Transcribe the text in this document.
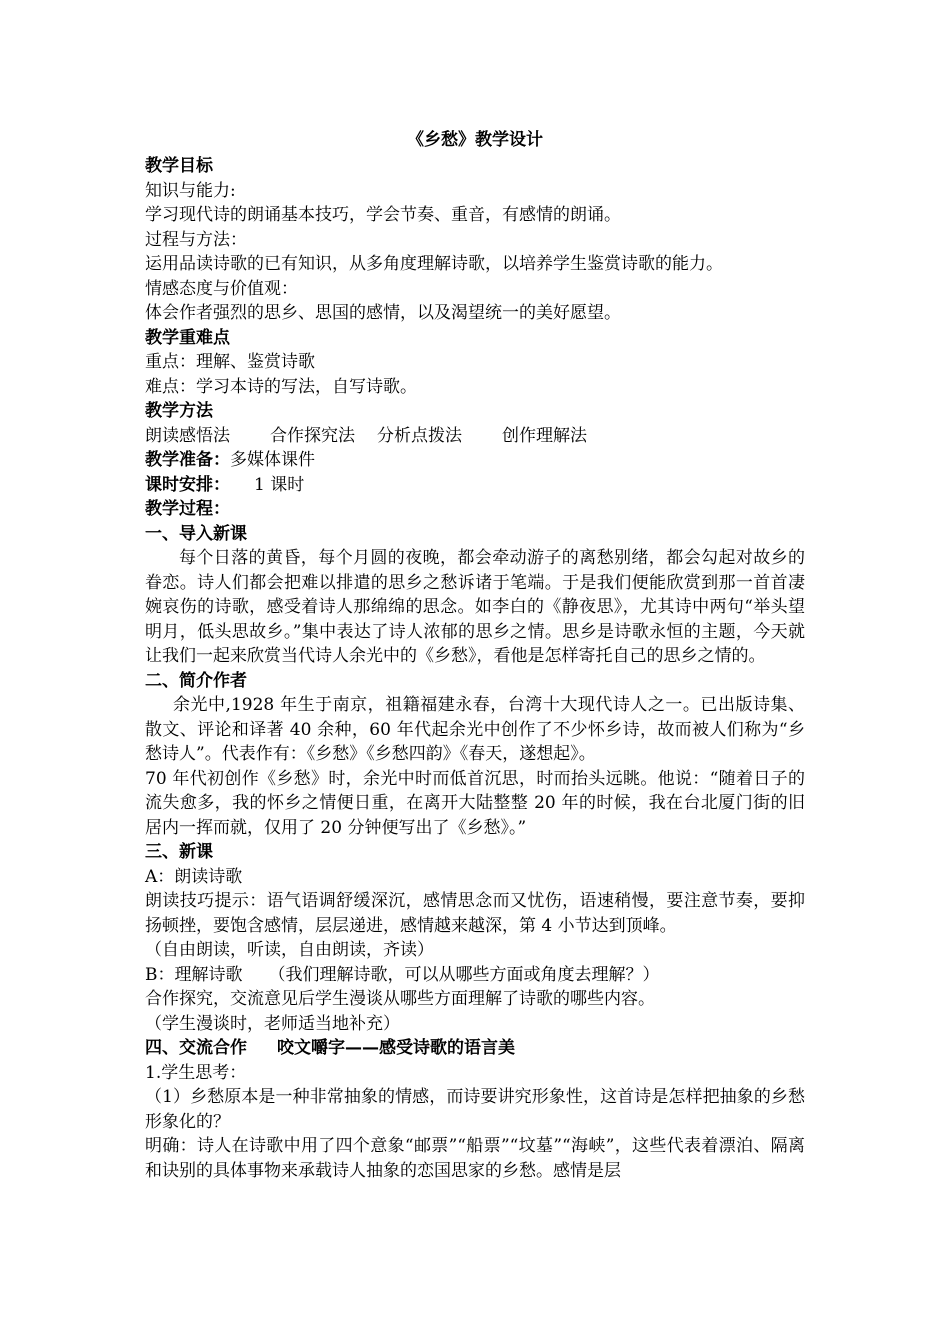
《乡愁》教学设计
教学目标
知识与能力:
学习现代诗的朗诵基本技巧，学会节奏、重音，有感情的朗诵。
过程与方法：
运用品读诗歌的已有知识，从多角度理解诗歌，以培养学生鉴赏诗歌的能力。
情感态度与价值观：
体会作者强烈的思乡、思国的感情，以及渴望统一的美好愿望。
教学重难点
重点：理解、鉴赏诗歌
难点：学习本诗的写法，自写诗歌。
教学方法
朗读感悟法 合作探究法 分析点拨法 创作理解法
教学准备：多媒体课件
课时安排： 1 课时
教学过程：
一、导入新课
每个日落的黄昏，每个月圆的夜晚，都会牵动游子的离愁别绪，都会勾起对故乡的眷恋。诗人们都会把难以排遣的思乡之愁诉诸于笔端。于是我们便能欣赏到那一首首凄婉哀伤的诗歌，感受着诗人那绵绵的思念。如李白的《静夜思》，尤其诗中两句“举头望明月，低头思故乡。”集中表达了诗人浓郁的思乡之情。思乡是诗歌永恒的主题，今天就让我们一起来欣赏当代诗人余光中的《乡愁》，看他是怎样寄托自己的思乡之情的。
二、简介作者
余光中,1928 年生于南京，祖籍福建永春，台湾十大现代诗人之一。已出版诗集、散文、评论和译著 40 余种，60 年代起余光中创作了不少怀乡诗，故而被人们称为“乡愁诗人”。代表作有：《乡愁》《乡愁四韵》《春天，遂想起》。
70 年代初创作《乡愁》时，余光中时而低首沉思，时而抬头远眺。他说：“随着日子的流失愈多，我的怀乡之情便日重，在离开大陆整整 20 年的时候，我在台北厦门街的旧居内一挥而就，仅用了 20 分钟便写出了《乡愁》。”
三、新课
A：朗读诗歌
朗读技巧提示：语气语调舒缓深沉，感情思念而又忧伤，语速稍慢，要注意节奏，要抑扬顿挫，要饱含感情，层层递进，感情越来越深，第 4 小节达到顶峰。
（自由朗读，听读，自由朗读，齐读）
B：理解诗歌 （我们理解诗歌，可以从哪些方面或角度去理解？）
合作探究，交流意见后学生漫谈从哪些方面理解了诗歌的哪些内容。
（学生漫谈时，老师适当地补充）
四、交流合作 咬文嚼字——感受诗歌的语言美
1.学生思考：
（1）乡愁原本是一种非常抽象的情感，而诗要讲究形象性，这首诗是怎样把抽象的乡愁形象化的？
明确：诗人在诗歌中用了四个意象“邮票”“船票”“坟墓”“海峡”，这些代表着漂泊、隔离和诀别的具体事物来承载诗人抽象的恋国思家的乡愁。感情是层
